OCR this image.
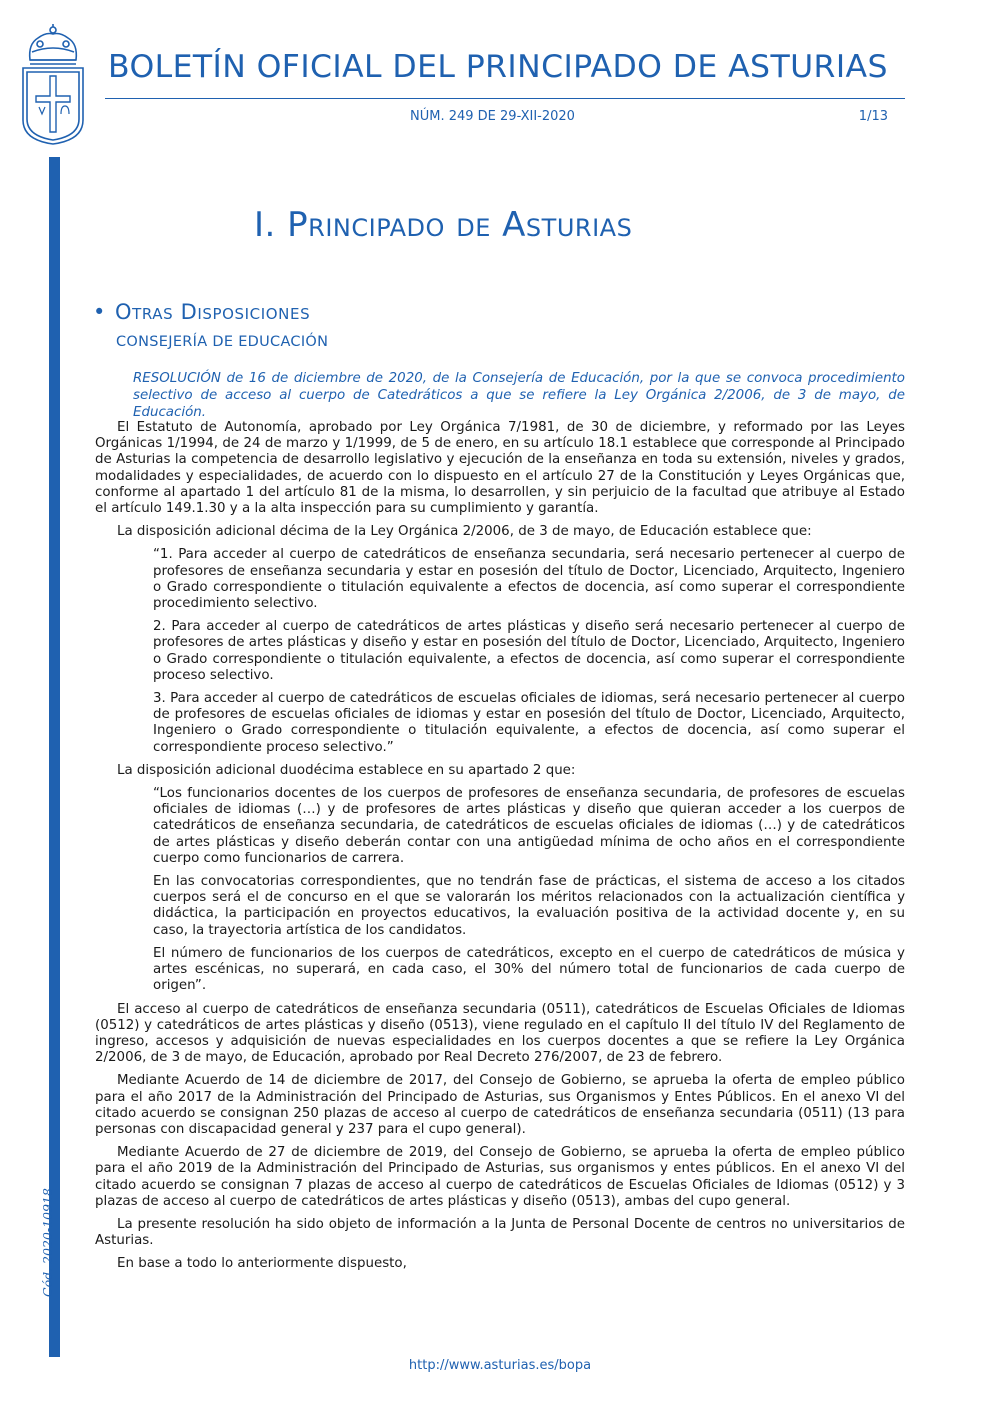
BOLETÍN OFICIAL DEL PRINCIPADO DE ASTURIAS
NÚM. 249 DE 29-XII-2020	1/13
Cód. 2020-10918
I. Principado de Asturias
• Otras Disposiciones
CONSEJERÍA DE EDUCACIÓN
RESOLUCIÓN de 16 de diciembre de 2020, de la Consejería de Educación, por la que se convoca procedimiento selectivo de acceso al cuerpo de Catedráticos a que se refiere la Ley Orgánica 2/2006, de 3 de mayo, de Educación.

El Estatuto de Autonomía, aprobado por Ley Orgánica 7/1981, de 30 de diciembre, y reformado por las Leyes Orgánicas 1/1994, de 24 de marzo y 1/1999, de 5 de enero, en su artículo 18.1 establece que corresponde al Principado de Asturias la competencia de desarrollo legislativo y ejecución de la enseñanza en toda su extensión, niveles y grados, modalidades y especialidades, de acuerdo con lo dispuesto en el artículo 27 de la Constitución y Leyes Orgánicas que, conforme al apartado 1 del artículo 81 de la misma, lo desarrollen, y sin perjuicio de la facultad que atribuye al Estado el artículo 149.1.30 y a la alta inspección para su cumplimiento y garantía.

La disposición adicional décima de la Ley Orgánica 2/2006, de 3 de mayo, de Educación establece que:

“1. Para acceder al cuerpo de catedráticos de enseñanza secundaria, será necesario pertenecer al cuerpo de profesores de enseñanza secundaria y estar en posesión del título de Doctor, Licenciado, Arquitecto, Ingeniero o Grado correspondiente o titulación equivalente a efectos de docencia, así como superar el correspondiente procedimiento selectivo.

2. Para acceder al cuerpo de catedráticos de artes plásticas y diseño será necesario pertenecer al cuerpo de profesores de artes plásticas y diseño y estar en posesión del título de Doctor, Licenciado, Arquitecto, Ingeniero o Grado correspondiente o titulación equivalente, a efectos de docencia, así como superar el correspondiente proceso selectivo.

3. Para acceder al cuerpo de catedráticos de escuelas oficiales de idiomas, será necesario pertenecer al cuerpo de profesores de escuelas oficiales de idiomas y estar en posesión del título de Doctor, Licenciado, Arquitecto, Ingeniero o Grado correspondiente o titulación equivalente, a efectos de docencia, así como superar el correspondiente proceso selectivo.”

La disposición adicional duodécima establece en su apartado 2 que:

“Los funcionarios docentes de los cuerpos de profesores de enseñanza secundaria, de profesores de escuelas oficiales de idiomas (…) y de profesores de artes plásticas y diseño que quieran acceder a los cuerpos de catedráticos de enseñanza secundaria, de catedráticos de escuelas oficiales de idiomas (…) y de catedráticos de artes plásticas y diseño deberán contar con una antigüedad mínima de ocho años en el correspondiente cuerpo como funcionarios de carrera.

En las convocatorias correspondientes, que no tendrán fase de prácticas, el sistema de acceso a los citados cuerpos será el de concurso en el que se valorarán los méritos relacionados con la actualización científica y didáctica, la participación en proyectos educativos, la evaluación positiva de la actividad docente y, en su caso, la trayectoria artística de los candidatos.

El número de funcionarios de los cuerpos de catedráticos, excepto en el cuerpo de catedráticos de música y artes escénicas, no superará, en cada caso, el 30% del número total de funcionarios de cada cuerpo de origen”.

El acceso al cuerpo de catedráticos de enseñanza secundaria (0511), catedráticos de Escuelas Oficiales de Idiomas (0512) y catedráticos de artes plásticas y diseño (0513), viene regulado en el capítulo II del título IV del Reglamento de ingreso, accesos y adquisición de nuevas especialidades en los cuerpos docentes a que se refiere la Ley Orgánica 2/2006, de 3 de mayo, de Educación, aprobado por Real Decreto 276/2007, de 23 de febrero.

Mediante Acuerdo de 14 de diciembre de 2017, del Consejo de Gobierno, se aprueba la oferta de empleo público para el año 2017 de la Administración del Principado de Asturias, sus Organismos y Entes Públicos. En el anexo VI del citado acuerdo se consignan 250 plazas de acceso al cuerpo de catedráticos de enseñanza secundaria (0511) (13 para personas con discapacidad general y 237 para el cupo general).

Mediante Acuerdo de 27 de diciembre de 2019, del Consejo de Gobierno, se aprueba la oferta de empleo público para el año 2019 de la Administración del Principado de Asturias, sus organismos y entes públicos. En el anexo VI del citado acuerdo se consignan 7 plazas de acceso al cuerpo de catedráticos de Escuelas Oficiales de Idiomas (0512) y 3 plazas de acceso al cuerpo de catedráticos de artes plásticas y diseño (0513), ambas del cupo general.

La presente resolución ha sido objeto de información a la Junta de Personal Docente de centros no universitarios de Asturias.

En base a todo lo anteriormente dispuesto,

http://www.asturias.es/bopa
